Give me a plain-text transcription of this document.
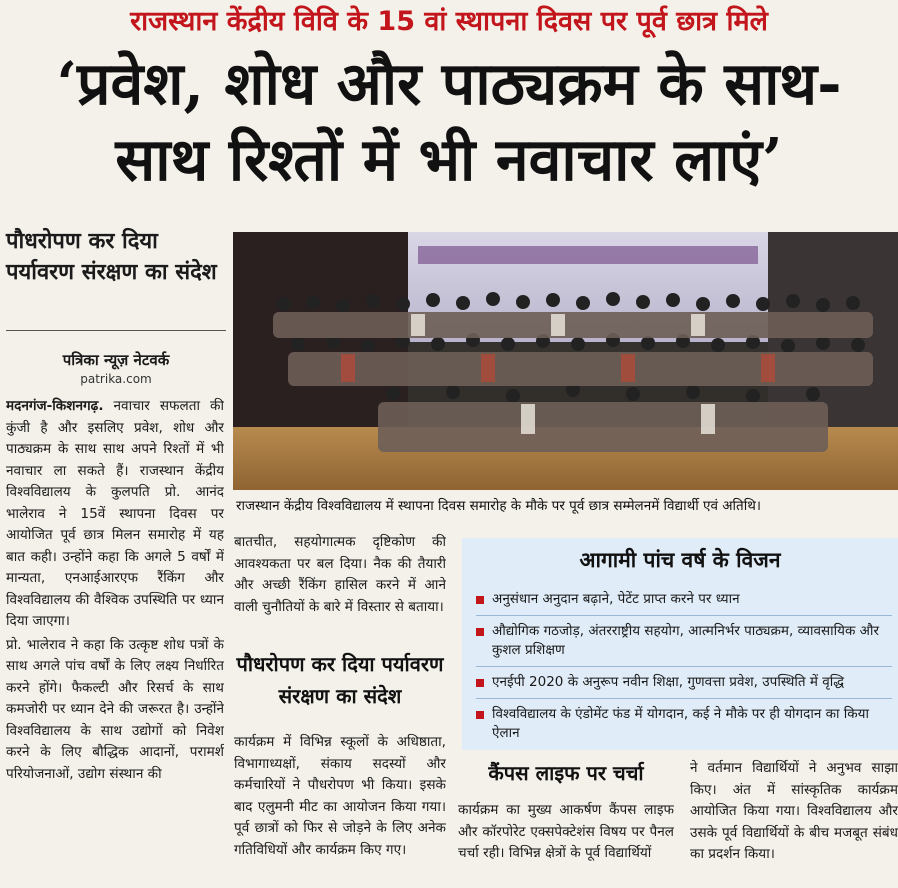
राजस्थान केंद्रीय विवि के 15 वां स्थापना दिवस पर पूर्व छात्र मिले
‘प्रवेश, शोध और पाठ्यक्रम के साथ-
साथ रिश्तों में भी नवाचार लाएं’
पौधरोपण कर दिया पर्यावरण संरक्षण का संदेश
पत्रिका न्यूज़ नेटवर्क
patrika.com

मदनगंज-किशनगढ़. नवाचार सफलता की कुंजी है और इसलिए प्रवेश, शोध और पाठ्यक्रम के साथ साथ अपने रिश्तों में भी नवाचार ला सकते हैं। राजस्थान केंद्रीय विश्वविद्यालय के कुलपति प्रो. आनंद भालेराव ने 15वें स्थापना दिवस पर आयोजित पूर्व छात्र मिलन समारोह में यह बात कही। उन्होंने कहा कि अगले 5 वर्षों में मान्यता, एनआईआरएफ रैंकिंग और विश्वविद्यालय की वैश्विक उपस्थिति पर ध्यान दिया जाएगा।

प्रो. भालेराव ने कहा कि उत्कृष्ट शोध पत्रों के साथ अगले पांच वर्षों के लिए लक्ष्य निर्धारित करने होंगे। फैकल्टी और रिसर्च के साथ कमजोरी पर ध्यान देने की जरूरत है। उन्होंने विश्वविद्यालय के साथ उद्योगों को निवेश करने के लिए बौद्धिक आदानों, परामर्श परियोजनाओं, उद्योग संस्थान की

राजस्थान केंद्रीय विश्वविद्यालय में स्थापना दिवस समारोह के मौके पर पूर्व छात्र सम्मेलनमें विद्यार्थी एवं अतिथि।

बातचीत, सहयोगात्मक दृष्टिकोण की आवश्यकता पर बल दिया। नैक की तैयारी और अच्छी रैंकिंग हासिल करने में आने वाली चुनौतियों के बारे में विस्तार से बताया।

पौधरोपण कर दिया पर्यावरण संरक्षण का संदेश

कार्यक्रम में विभिन्न स्कूलों के अधिष्ठाता, विभागाध्यक्षों, संकाय सदस्यों और कर्मचारियों ने पौधरोपण भी किया। इसके बाद एलुमनी मीट का आयोजन किया गया। पूर्व छात्रों को फिर से जोड़ने के लिए अनेक गतिविधियों और कार्यक्रम किए गए।

आगामी पांच वर्ष के विजन
अनुसंधान अनुदान बढ़ाने, पेटेंट प्राप्त करने पर ध्यान
औद्योगिक गठजोड़, अंतरराष्ट्रीय सहयोग, आत्मनिर्भर पाठ्यक्रम, व्यावसायिक और कुशल प्रशिक्षण
एनईपी 2020 के अनुरूप नवीन शिक्षा, गुणवत्ता प्रवेश, उपस्थिति में वृद्धि
विश्वविद्यालय के एंडोमेंट फंड में योगदान, कई ने मौके पर ही योगदान का किया ऐलान
कैंपस लाइफ पर चर्चा

कार्यक्रम का मुख्य आकर्षण कैंपस लाइफ और कॉरपोरेट एक्सपेक्टेशंस विषय पर पैनल चर्चा रही। विभिन्न क्षेत्रों के पूर्व विद्यार्थियों

ने वर्तमान विद्यार्थियों ने अनुभव साझा किए। अंत में सांस्कृतिक कार्यक्रम आयोजित किया गया। विश्वविद्यालय और उसके पूर्व विद्यार्थियों के बीच मजबूत संबंध का प्रदर्शन किया।
